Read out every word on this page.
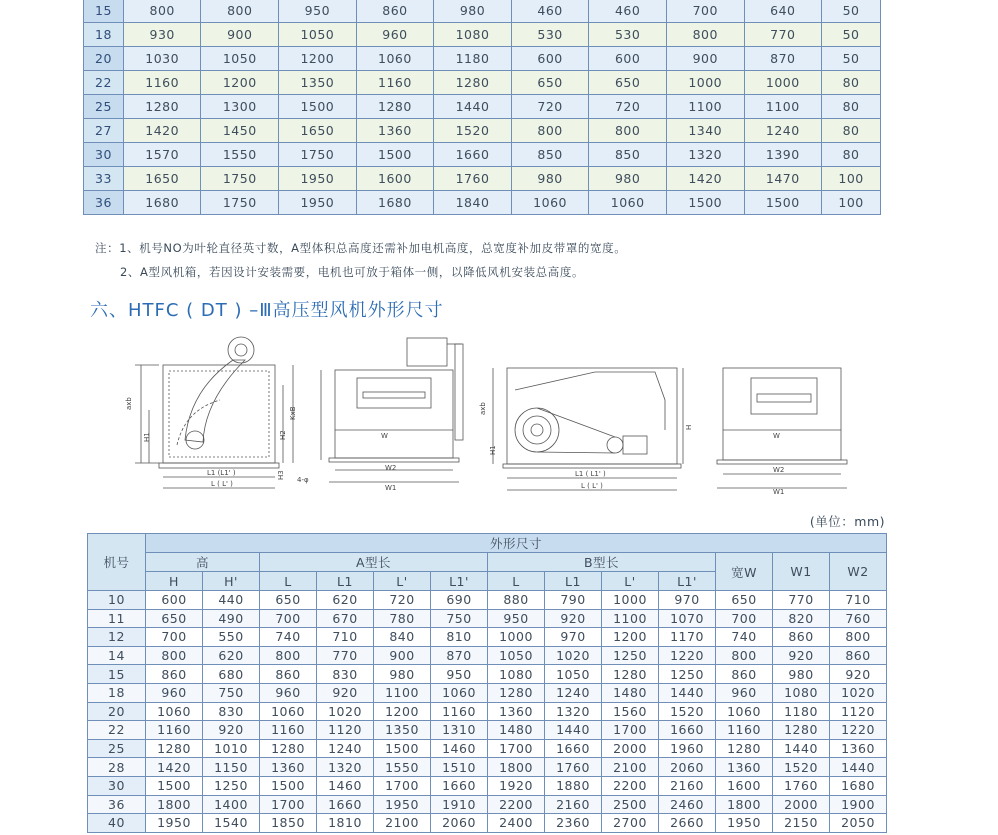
15	800	800	950	860	980	460	460	700	640	50
18	930	900	1050	960	1080	530	530	800	770	50
20	1030	1050	1200	1060	1180	600	600	900	870	50
22	1160	1200	1350	1160	1280	650	650	1000	1000	80
25	1280	1300	1500	1280	1440	720	720	1100	1100	80
27	1420	1450	1650	1360	1520	800	800	1340	1240	80
30	1570	1550	1750	1500	1660	850	850	1320	1390	80
33	1650	1750	1950	1600	1760	980	980	1420	1470	100
36	1680	1750	1950	1680	1840	1060	1060	1500	1500	100
注：1、机号NO为叶轮直径英寸数，A型体积总高度还需补加电机高度，总宽度补加皮带罩的宽度。
2、A型风机箱，若因设计安装需要，电机也可放于箱体一侧，以降低风机安装总高度。
六、HTFC ( DT ) –Ⅲ高压型风机外形尺寸
axb
H1
KxB
H2
L1 (L1' )
L ( L' )
W
W2
W1
4-φ
H3
axb
H1
H
L1 ( L1' )
L ( L' )
W
W2
W1
(单位：mm)
机号	外形尺寸												
	高		A型长				B型长				宽W	W1	W2
	H	H'	L	L1	L'	L1'	L	L1	L'	L1'			
10	600	440	650	620	720	690	880	790	1000	970	650	770	710
11	650	490	700	670	780	750	950	920	1100	1070	700	820	760
12	700	550	740	710	840	810	1000	970	1200	1170	740	860	800
14	800	620	800	770	900	870	1050	1020	1250	1220	800	920	860
15	860	680	860	830	980	950	1080	1050	1280	1250	860	980	920
18	960	750	960	920	1100	1060	1280	1240	1480	1440	960	1080	1020
20	1060	830	1060	1020	1200	1160	1360	1320	1560	1520	1060	1180	1120
22	1160	920	1160	1120	1350	1310	1480	1440	1700	1660	1160	1280	1220
25	1280	1010	1280	1240	1500	1460	1700	1660	2000	1960	1280	1440	1360
28	1420	1150	1360	1320	1550	1510	1800	1760	2100	2060	1360	1520	1440
30	1500	1250	1500	1460	1700	1660	1920	1880	2200	2160	1600	1760	1680
36	1800	1400	1700	1660	1950	1910	2200	2160	2500	2460	1800	2000	1900
40	1950	1540	1850	1810	2100	2060	2400	2360	2700	2660	1950	2150	2050
